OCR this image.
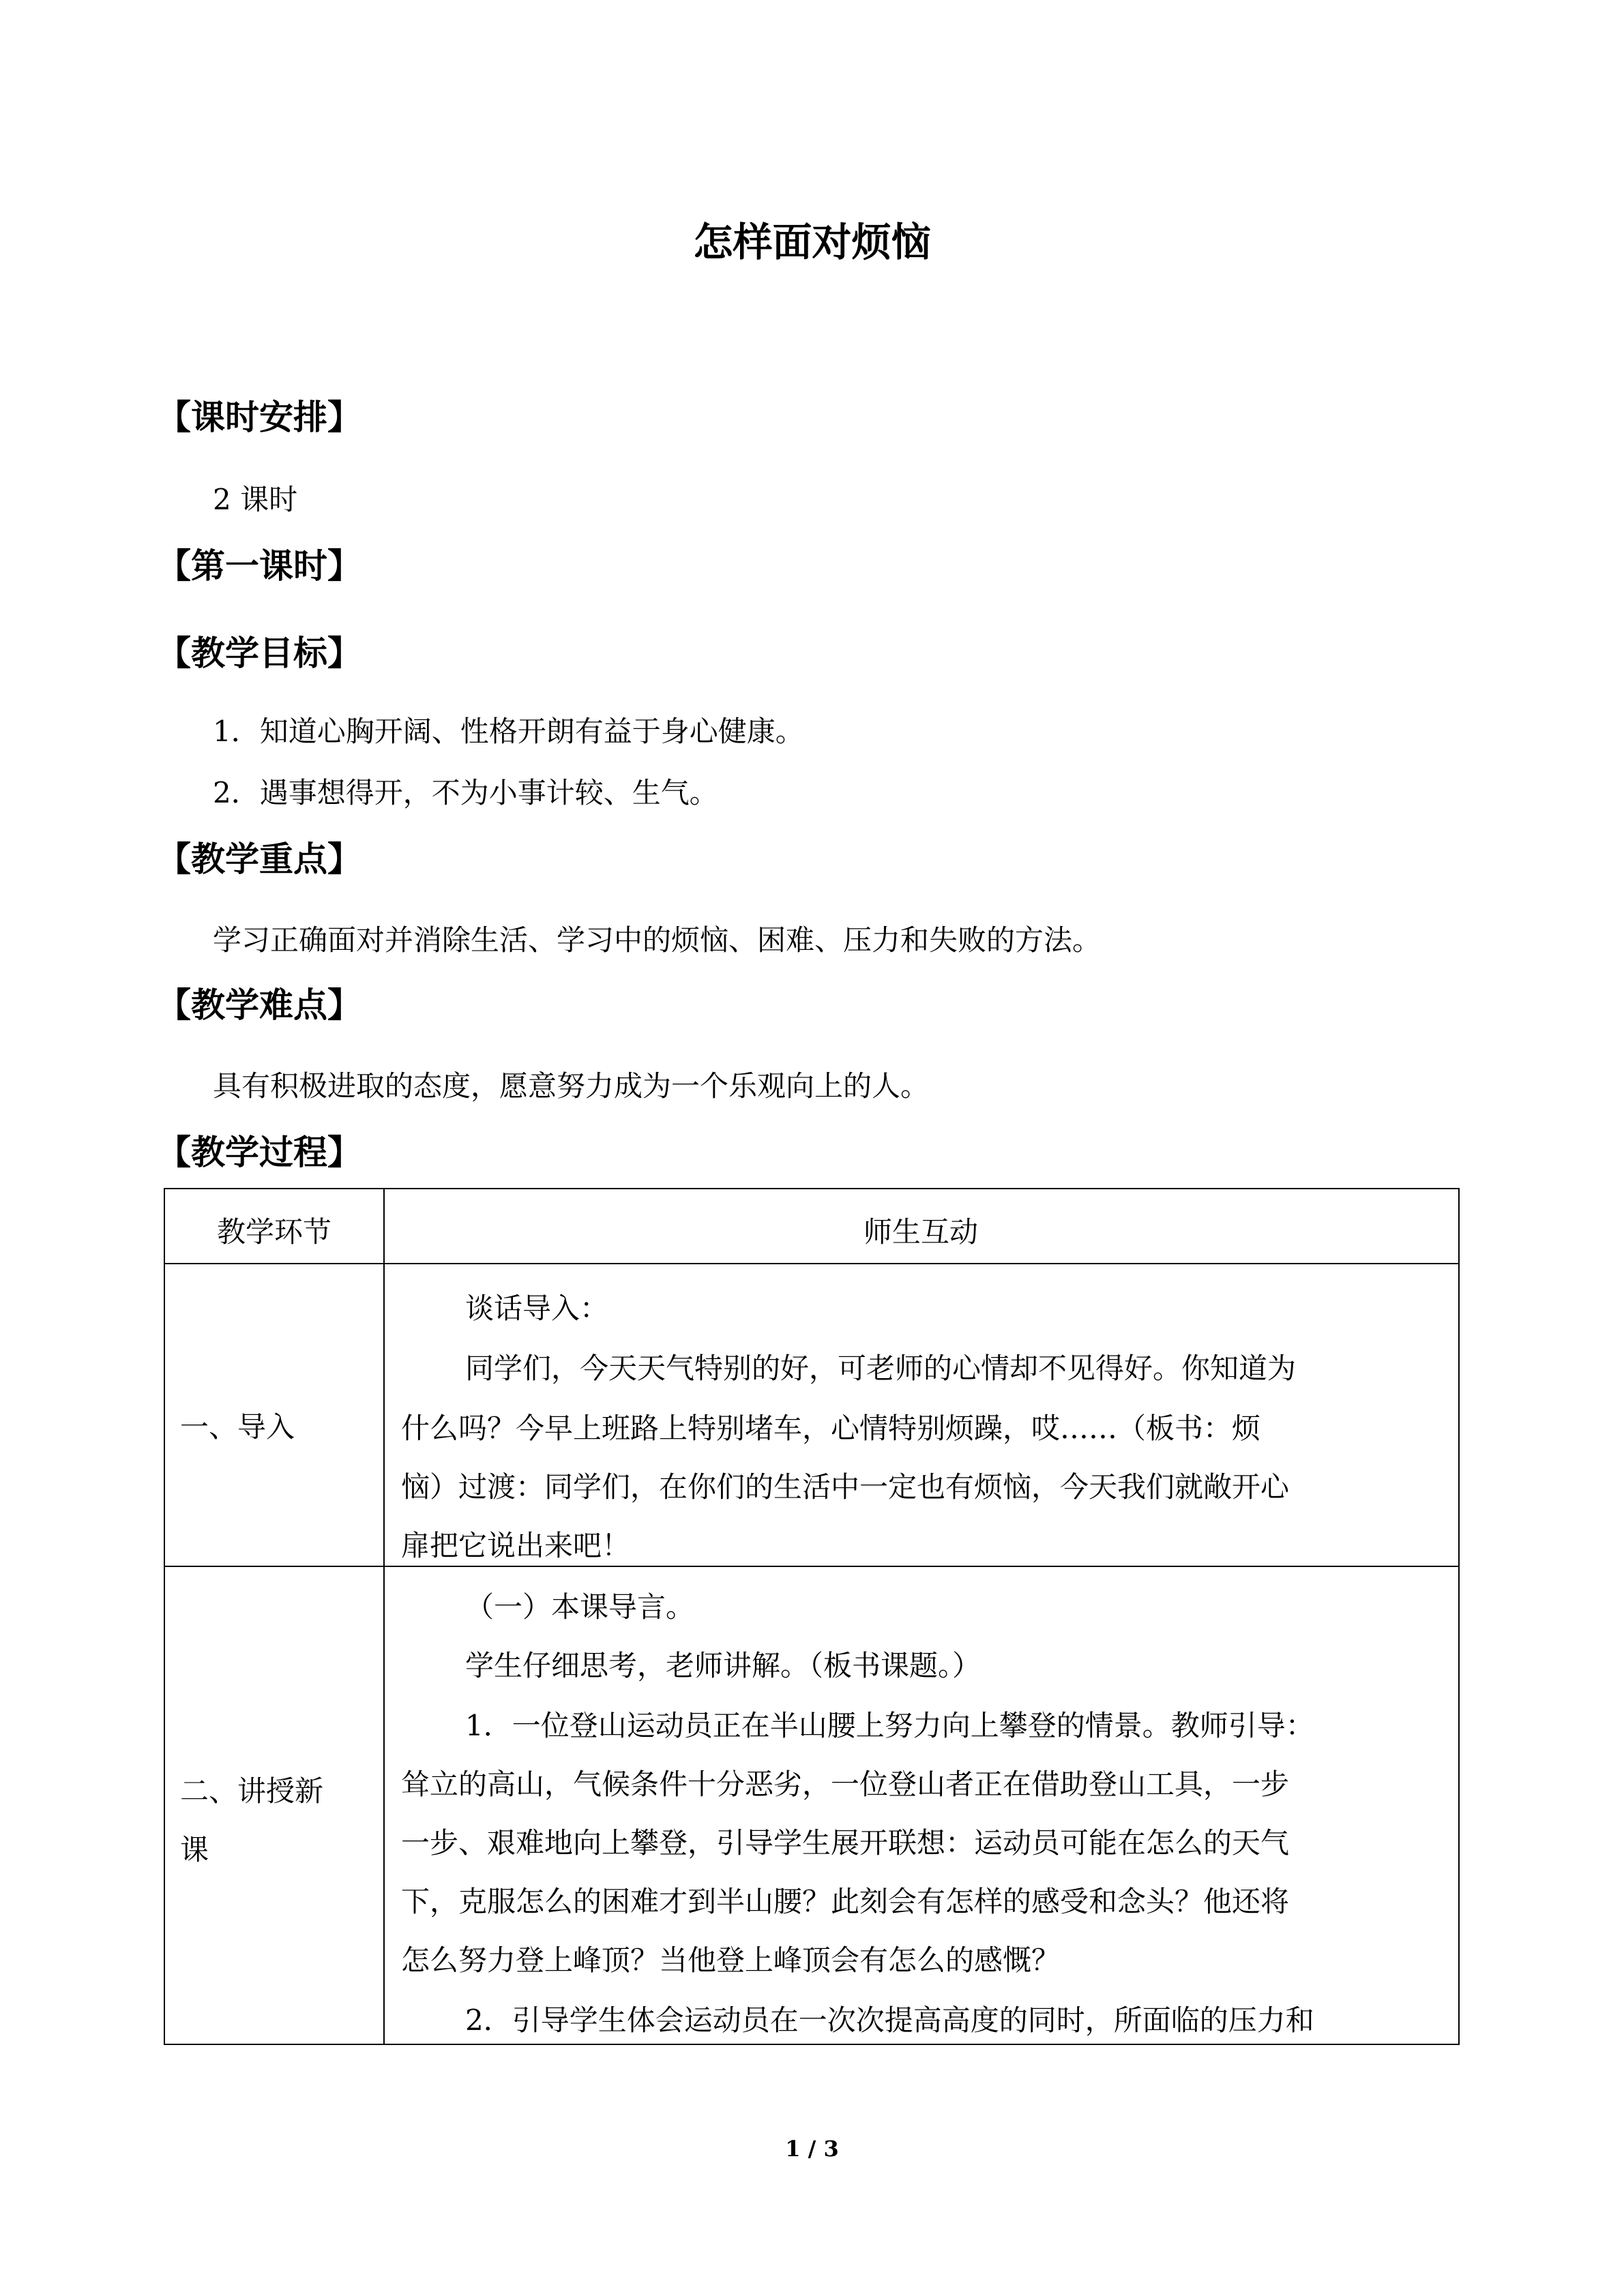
怎样面对烦恼
【课时安排】
2 课时
【第一课时】
【教学目标】
1．知道心胸开阔、性格开朗有益于身心健康。
2．遇事想得开，不为小事计较、生气。
【教学重点】
学习正确面对并消除生活、学习中的烦恼、困难、压力和失败的方法。
【教学难点】
具有积极进取的态度，愿意努力成为一个乐观向上的人。
【教学过程】
教学环节	师生互动
一、导入
谈话导入：
同学们，今天天气特别的好，可老师的心情却不见得好。你知道为
什么吗？今早上班路上特别堵车，心情特别烦躁，哎……（板书：烦
恼）过渡：同学们，在你们的生活中一定也有烦恼，今天我们就敞开心
扉把它说出来吧！
二、讲授新
课
（一）本课导言。
学生仔细思考，老师讲解。（板书课题。）
1．一位登山运动员正在半山腰上努力向上攀登的情景。教师引导：
耸立的高山，气候条件十分恶劣，一位登山者正在借助登山工具，一步
一步、艰难地向上攀登，引导学生展开联想：运动员可能在怎么的天气
下，克服怎么的困难才到半山腰？此刻会有怎样的感受和念头？他还将
怎么努力登上峰顶？当他登上峰顶会有怎么的感慨？
2．引导学生体会运动员在一次次提高高度的同时，所面临的压力和
1 / 3
